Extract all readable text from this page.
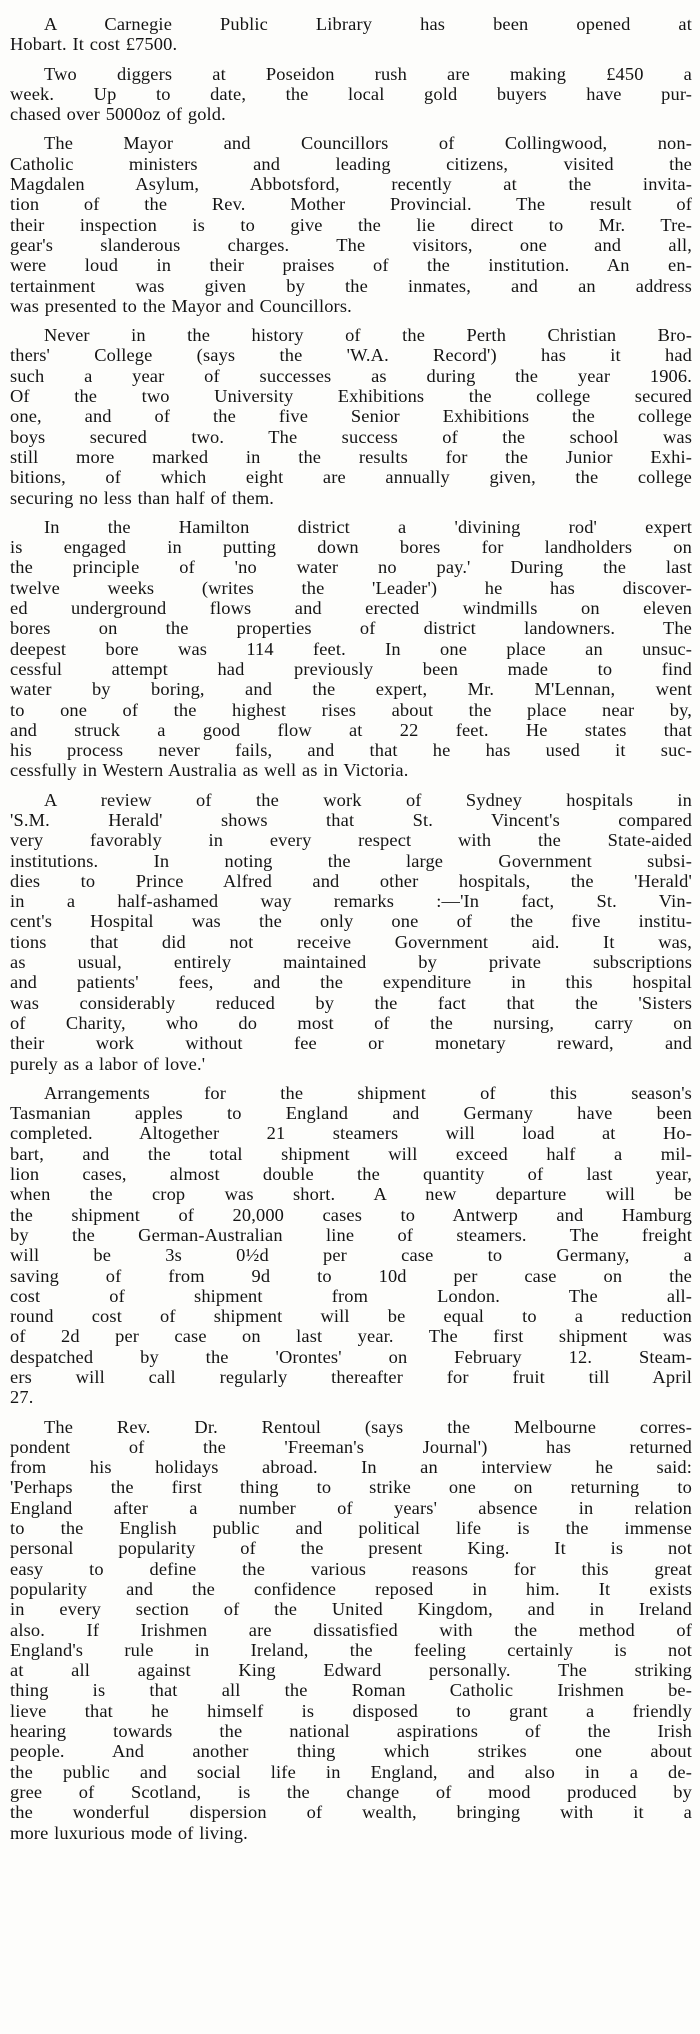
A Carnegie Public Library has been opened at
Hobart. It cost £7500.
Two diggers at Poseidon rush are making £450 a
week. Up to date, the local gold buyers have pur-
chased over 5000oz of gold.
The Mayor and Councillors of Collingwood, non-
Catholic ministers and leading citizens, visited the
Magdalen Asylum, Abbotsford, recently at the invita-
tion of the Rev. Mother Provincial. The result of
their inspection is to give the lie direct to Mr. Tre-
gear's slanderous charges. The visitors, one and all,
were loud in their praises of the institution. An en-
tertainment was given by the inmates, and an address
was presented to the Mayor and Councillors.
Never in the history of the Perth Christian Bro-
thers' College (says the 'W.A. Record') has it had
such a year of successes as during the year 1906.
Of the two University Exhibitions the college secured
one, and of the five Senior Exhibitions the college
boys secured two. The success of the school was
still more marked in the results for the Junior Exhi-
bitions, of which eight are annually given, the college
securing no less than half of them.
In the Hamilton district a 'divining rod' expert
is engaged in putting down bores for landholders on
the principle of 'no water no pay.' During the last
twelve weeks (writes the 'Leader') he has discover-
ed underground flows and erected windmills on eleven
bores on the properties of district landowners. The
deepest bore was 114 feet. In one place an unsuc-
cessful attempt had previously been made to find
water by boring, and the expert, Mr. M'Lennan, went
to one of the highest rises about the place near by,
and struck a good flow at 22 feet. He states that
his process never fails, and that he has used it suc-
cessfully in Western Australia as well as in Victoria.
A review of the work of Sydney hospitals in
'S.M. Herald' shows that St. Vincent's compared
very favorably in every respect with the State-aided
institutions. In noting the large Government subsi-
dies to Prince Alfred and other hospitals, the 'Herald'
in a half-ashamed way remarks :—'In fact, St. Vin-
cent's Hospital was the only one of the five institu-
tions that did not receive Government aid. It was,
as usual, entirely maintained by private subscriptions
and patients' fees, and the expenditure in this hospital
was considerably reduced by the fact that the 'Sisters
of Charity, who do most of the nursing, carry on
their work without fee or monetary reward, and
purely as a labor of love.'
Arrangements for the shipment of this season's
Tasmanian apples to England and Germany have been
completed. Altogether 21 steamers will load at Ho-
bart, and the total shipment will exceed half a mil-
lion cases, almost double the quantity of last year,
when the crop was short. A new departure will be
the shipment of 20,000 cases to Antwerp and Hamburg
by the German-Australian line of steamers. The freight
will be 3s 0½d per case to Germany, a
saving of from 9d to 10d per case on the
cost of shipment from London. The all-
round cost of shipment will be equal to a reduction
of 2d per case on last year. The first shipment was
despatched by the 'Orontes' on February 12. Steam-
ers will call regularly thereafter for fruit till April
27.
The Rev. Dr. Rentoul (says the Melbourne corres-
pondent of the 'Freeman's Journal') has returned
from his holidays abroad. In an interview he said:
'Perhaps the first thing to strike one on returning to
England after a number of years' absence in relation
to the English public and political life is the immense
personal popularity of the present King. It is not
easy to define the various reasons for this great
popularity and the confidence reposed in him. It exists
in every section of the United Kingdom, and in Ireland
also. If Irishmen are dissatisfied with the method of
England's rule in Ireland, the feeling certainly is not
at all against King Edward personally. The striking
thing is that all the Roman Catholic Irishmen be-
lieve that he himself is disposed to grant a friendly
hearing towards the national aspirations of the Irish
people. And another thing which strikes one about
the public and social life in England, and also in a de-
gree of Scotland, is the change of mood produced by
the wonderful dispersion of wealth, bringing with it a
more luxurious mode of living.
